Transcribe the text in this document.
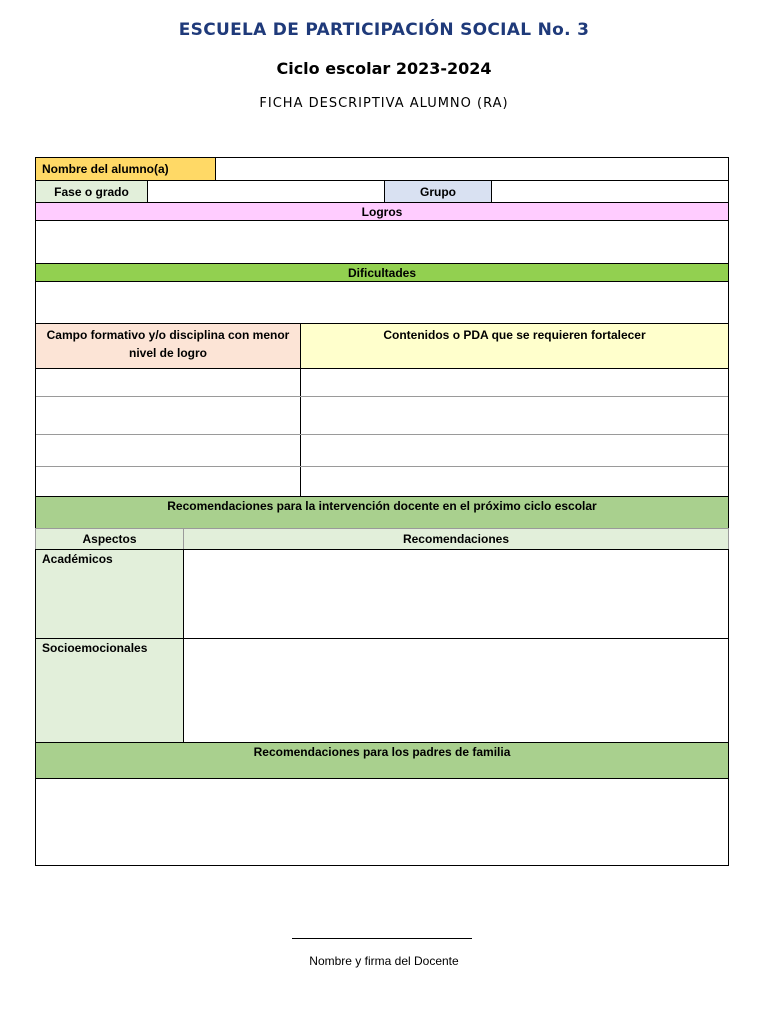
ESCUELA DE PARTICIPACIÓN SOCIAL No. 3
Ciclo escolar 2023-2024
FICHA DESCRIPTIVA ALUMNO (RA)
Nombre del alumno(a)
Fase o grado	Grupo
Logros
Dificultades
Campo formativo y/o disciplina con menor nivel de logro
Contenidos o PDA que se requieren fortalecer
Recomendaciones para la intervención docente en el próximo ciclo escolar
Aspectos	Recomendaciones
Académicos
Socioemocionales
Recomendaciones para los padres de familia
Nombre y firma del Docente
